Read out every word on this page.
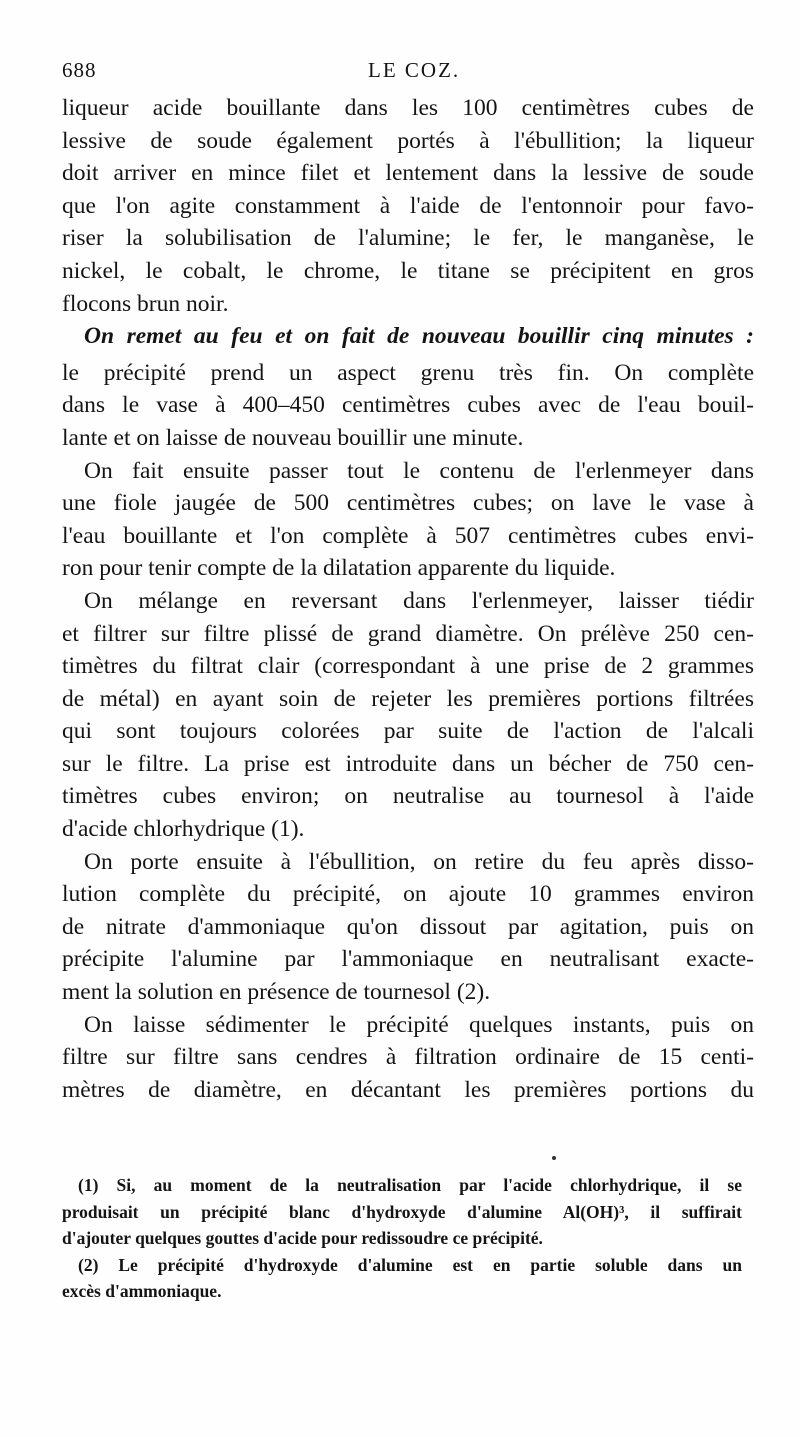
688	LE COZ.
liqueur acide bouillante dans les 100 centimètres cubes de
lessive de soude également portés à l'ébullition; la liqueur
doit arriver en mince filet et lentement dans la lessive de soude
que l'on agite constamment à l'aide de l'entonnoir pour favo-
riser la solubilisation de l'alumine; le fer, le manganèse, le
nickel, le cobalt, le chrome, le titane se précipitent en gros
flocons brun noir.
On remet au feu et on fait de nouveau bouillir cinq minutes :
le précipité prend un aspect grenu très fin. On complète
dans le vase à 400–450 centimètres cubes avec de l'eau bouil-
lante et on laisse de nouveau bouillir une minute.
On fait ensuite passer tout le contenu de l'erlenmeyer dans
une fiole jaugée de 500 centimètres cubes; on lave le vase à
l'eau bouillante et l'on complète à 507 centimètres cubes envi-
ron pour tenir compte de la dilatation apparente du liquide.
On mélange en reversant dans l'erlenmeyer, laisser tiédir
et filtrer sur filtre plissé de grand diamètre. On prélève 250 cen-
timètres du filtrat clair (correspondant à une prise de 2 grammes
de métal) en ayant soin de rejeter les premières portions filtrées
qui sont toujours colorées par suite de l'action de l'alcali
sur le filtre. La prise est introduite dans un bécher de 750 cen-
timètres cubes environ; on neutralise au tournesol à l'aide
d'acide chlorhydrique (1).
On porte ensuite à l'ébullition, on retire du feu après disso-
lution complète du précipité, on ajoute 10 grammes environ
de nitrate d'ammoniaque qu'on dissout par agitation, puis on
précipite l'alumine par l'ammoniaque en neutralisant exacte-
ment la solution en présence de tournesol (2).
On laisse sédimenter le précipité quelques instants, puis on
filtre sur filtre sans cendres à filtration ordinaire de 15 centi-
mètres de diamètre, en décantant les premières portions du
(1) Si, au moment de la neutralisation par l'acide chlorhydrique, il se
produisait un précipité blanc d'hydroxyde d'alumine Al(OH)³, il suffirait
d'ajouter quelques gouttes d'acide pour redissoudre ce précipité.
(2) Le précipité d'hydroxyde d'alumine est en partie soluble dans un
excès d'ammoniaque.
